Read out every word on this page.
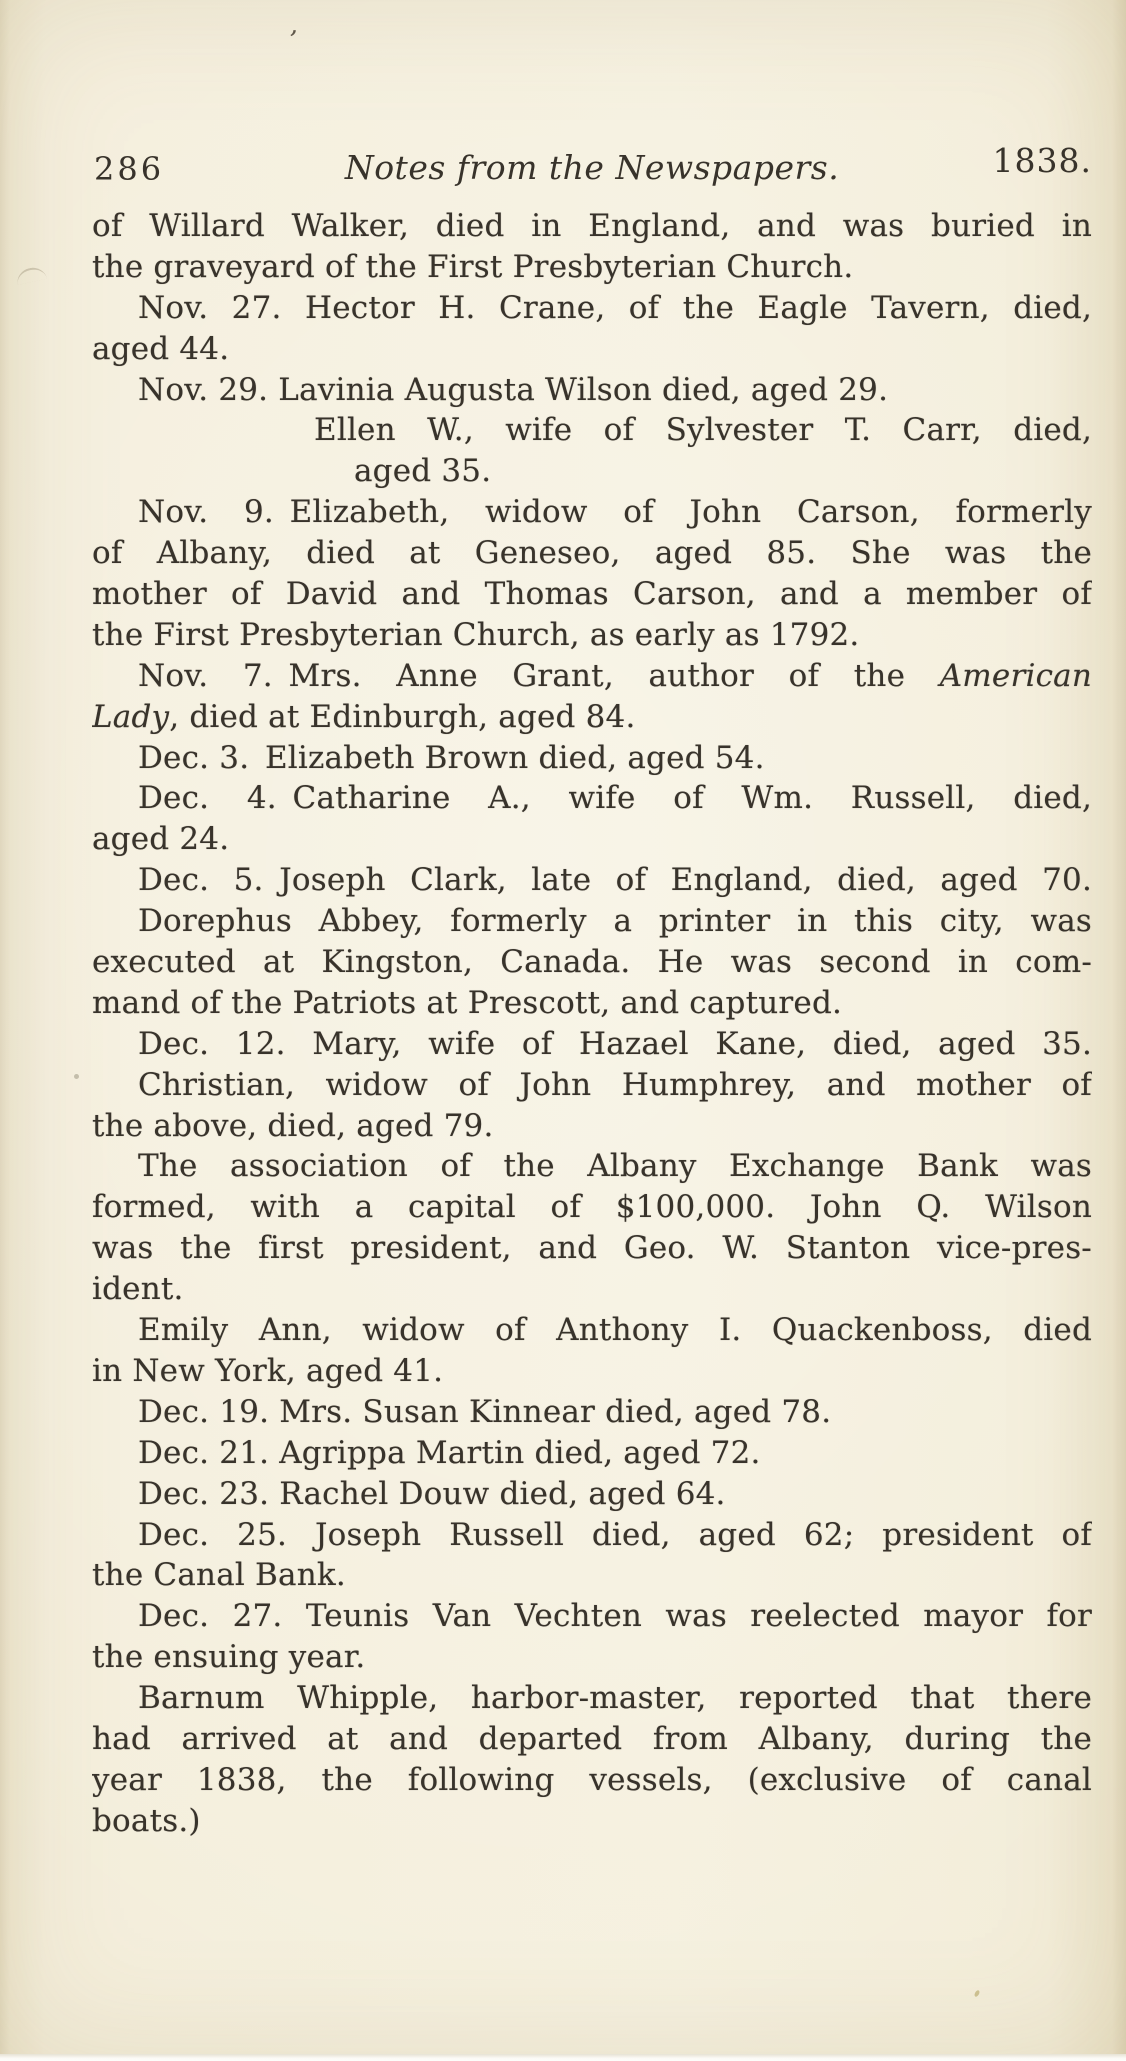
,
286	Notes from the Newspapers.	1838.
of Willard Walker, died in England, and was buried in
the graveyard of the First Presbyterian Church.
Nov. 27. Hector H. Crane, of the Eagle Tavern, died,
aged 44.
Nov. 29. Lavinia Augusta Wilson died, aged 29.
Ellen W., wife of Sylvester T. Carr, died,
aged 35.
Nov. 9. Elizabeth, widow of John Carson, formerly
of Albany, died at Geneseo, aged 85. She was the
mother of David and Thomas Carson, and a member of
the First Presbyterian Church, as early as 1792.
Nov. 7. Mrs. Anne Grant, author of the American
Lady, died at Edinburgh, aged 84.
Dec. 3. Elizabeth Brown died, aged 54.
Dec. 4. Catharine A., wife of Wm. Russell, died,
aged 24.
Dec. 5. Joseph Clark, late of England, died, aged 70.
Dorephus Abbey, formerly a printer in this city, was
executed at Kingston, Canada. He was second in com-
mand of the Patriots at Prescott, and captured.
Dec. 12. Mary, wife of Hazael Kane, died, aged 35.
Christian, widow of John Humphrey, and mother of
the above, died, aged 79.
The association of the Albany Exchange Bank was
formed, with a capital of $100,000. John Q. Wilson
was the first president, and Geo. W. Stanton vice-pres-
ident.
Emily Ann, widow of Anthony I. Quackenboss, died
in New York, aged 41.
Dec. 19. Mrs. Susan Kinnear died, aged 78.
Dec. 21. Agrippa Martin died, aged 72.
Dec. 23. Rachel Douw died, aged 64.
Dec. 25. Joseph Russell died, aged 62; president of
the Canal Bank.
Dec. 27. Teunis Van Vechten was reelected mayor for
the ensuing year.
Barnum Whipple, harbor-master, reported that there
had arrived at and departed from Albany, during the
year 1838, the following vessels, (exclusive of canal
boats.)
